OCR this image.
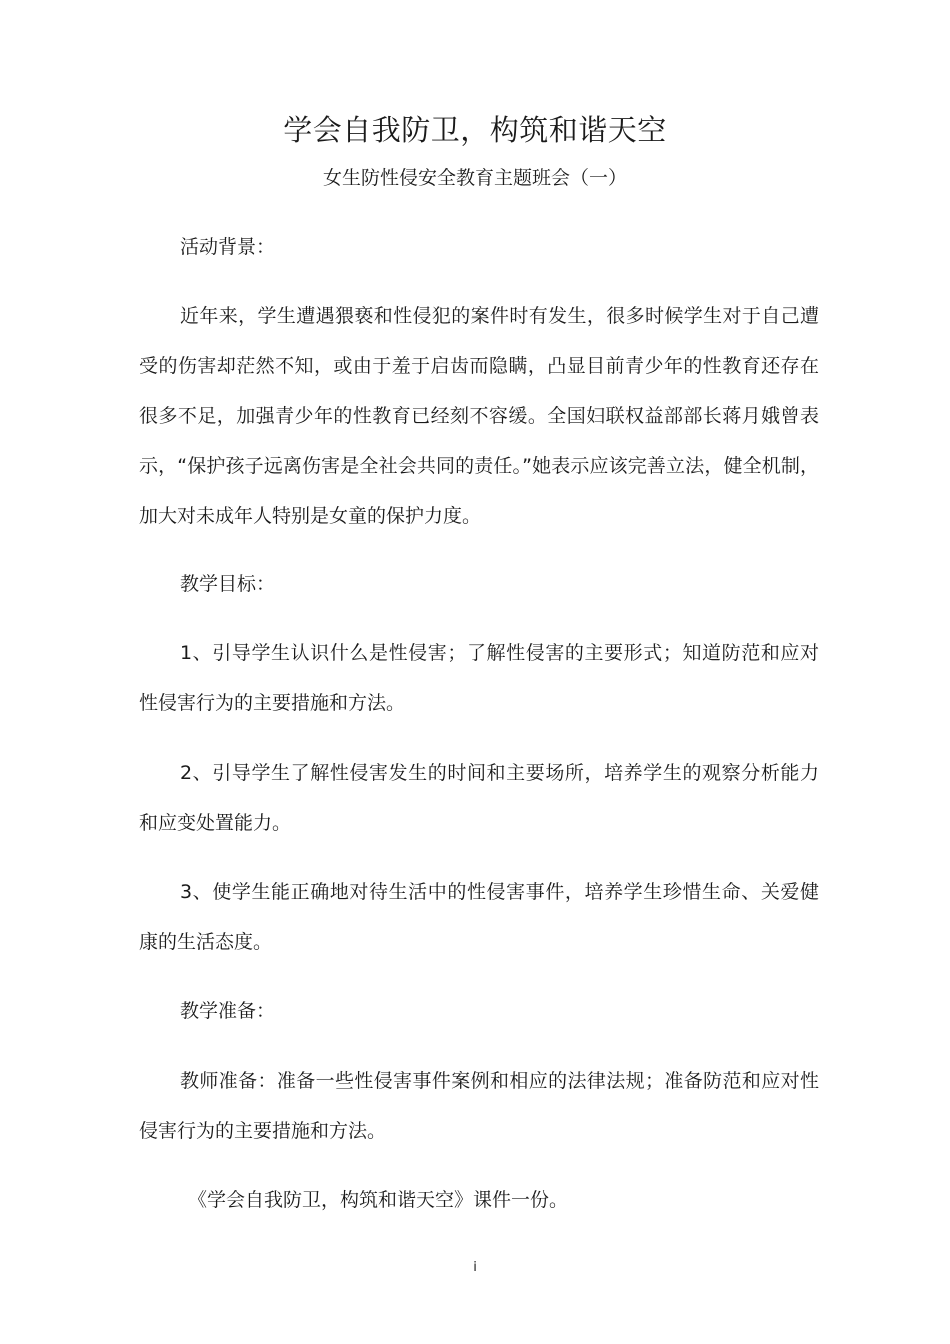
学会自我防卫，构筑和谐天空

女生防性侵安全教育主题班会（一）

活动背景：

近年来，学生遭遇猥亵和性侵犯的案件时有发生，很多时候学生对于自己遭受的伤害却茫然不知，或由于羞于启齿而隐瞒，凸显目前青少年的性教育还存在很多不足，加强青少年的性教育已经刻不容缓。全国妇联权益部部长蒋月娥曾表示，“保护孩子远离伤害是全社会共同的责任。”她表示应该完善立法，健全机制，加大对未成年人特别是女童的保护力度。

教学目标：

1、引导学生认识什么是性侵害；了解性侵害的主要形式；知道防范和应对性侵害行为的主要措施和方法。

2、引导学生了解性侵害发生的时间和主要场所，培养学生的观察分析能力和应变处置能力。

3、使学生能正确地对待生活中的性侵害事件，培养学生珍惜生命、关爱健康的生活态度。

教学准备：

教师准备：准备一些性侵害事件案例和相应的法律法规；准备防范和应对性侵害行为的主要措施和方法。

《学会自我防卫，构筑和谐天空》课件一份。

i
